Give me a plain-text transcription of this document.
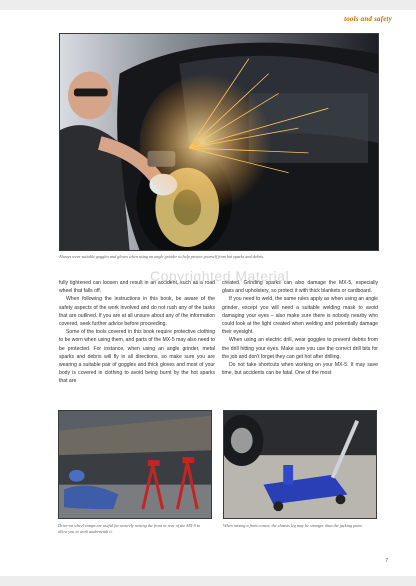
tools and safety
Always wear suitable goggles and gloves when using an angle grinder to help protect yourself from hot sparks and debris.
Copyrighted Material

fully tightened can loosen and result in an accident, such as a road wheel that falls off.

When following the instructions in this book, be aware of the safety aspects of the work involved and do not rush any of the tasks that are outlined. If you are at all unsure about any of the information covered, seek further advice before proceeding.

Some of the tools covered in this book require protective clothing to be worn when using them, and parts of the MX-5 may also need to be protected. For instance, when using an angle grinder, metal sparks and debris will fly in all directions, so make sure you are wearing a suitable pair of goggles and thick gloves and most of your body is covered in clothing to avoid being burnt by the hot sparks that are

created. Grinding sparks can also damage the MX-5, especially glass and upholstery, so protect it with thick blankets or cardboard.

If you need to weld, the same rules apply as when using an angle grinder, except you will need a suitable welding mask to avoid damaging your eyes – also make sure there is nobody nearby who could look at the light created when welding and potentially damage their eyesight.

When using an electric drill, wear goggles to prevent debris from the drill hitting your eyes. Make sure you use the correct drill bits for the job and don't forget they can get hot after drilling.

Do not take shortcuts when working on your MX-5. It may save time, but accidents can be fatal. One of the most

Drive-on wheel ramps are useful for securely raising the front or rear of the MX-5 to allow you to work underneath it.
When raising a front corner, the chassis leg may be stronger than the jacking point.
7
